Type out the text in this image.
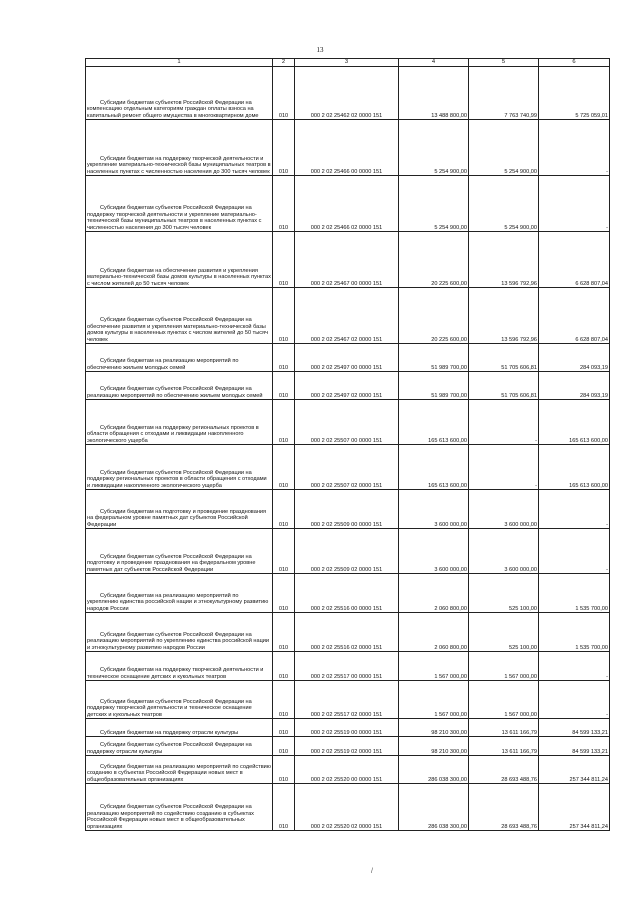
13
1	2	3	4	5	6
Субсидии бюджетам субъектов Российской Федерации на компенсацию отдельным категориям граждан оплаты взноса на капитальный ремонт общего имущества в многоквартирном доме	010	000 2 02 25462 02 0000 151	13 488 800,00	7 763 740,99	5 725 059,01
Субсидии бюджетам на поддержку творческой деятельности и укрепление материально-технической базы муниципальных театров в населенных пунктах с численностью населения до 300 тысяч человек	010	000 2 02 25466 00 0000 151	5 254 900,00	5 254 900,00	-
Субсидии бюджетам субъектов Российской Федерации на поддержку творческой деятельности и укрепление материально-технической базы муниципальных театров в населенных пунктах с численностью населения до 300 тысяч человек	010	000 2 02 25466 02 0000 151	5 254 900,00	5 254 900,00	-
Субсидии бюджетам на обеспечение развития и укрепления материально-технической базы домов культуры в населенных пунктах с числом жителей до 50 тысяч человек	010	000 2 02 25467 00 0000 151	20 225 600,00	13 596 792,96	6 628 807,04
Субсидии бюджетам субъектов Российской Федерации на обеспечение развития и укрепления материально-технической базы домов культуры в населенных пунктах с числом жителей до 50 тысяч человек	010	000 2 02 25467 02 0000 151	20 225 600,00	13 596 792,96	6 628 807,04
Субсидии бюджетам на реализацию мероприятий по обеспечению жильем молодых семей	010	000 2 02 25497 00 0000 151	51 989 700,00	51 705 606,81	284 093,19
Субсидии бюджетам субъектов Российской Федерации на реализацию мероприятий по обеспечению жильем молодых семей	010	000 2 02 25497 02 0000 151	51 989 700,00	51 705 606,81	284 093,19
Субсидии бюджетам на поддержку региональных проектов в области обращения с отходами и ликвидации накопленного экологического ущерба	010	000 2 02 25507 00 0000 151	165 613 600,00	-	165 613 600,00
Субсидии бюджетам субъектов Российской Федерации на поддержку региональных проектов в области обращения с отходами и ликвидации накопленного экологического ущерба	010	000 2 02 25507 02 0000 151	165 613 600,00	-	165 613 600,00
Субсидии бюджетам на подготовку и проведение празднования на федеральном уровне памятных дат субъектов Российской Федерации	010	000 2 02 25509 00 0000 151	3 600 000,00	3 600 000,00	-
Субсидии бюджетам субъектов Российской Федерации на подготовку и проведение празднования на федеральном уровне памятных дат субъектов Российской Федерации	010	000 2 02 25509 02 0000 151	3 600 000,00	3 600 000,00	-
Субсидии бюджетам на реализацию мероприятий по укреплению единства российской нации и этнокультурному развитию народов России	010	000 2 02 25516 00 0000 151	2 060 800,00	525 100,00	1 535 700,00
Субсидии бюджетам субъектов Российской Федерации на реализацию мероприятий по укреплению единства российской нации и этнокультурному развитию народов России	010	000 2 02 25516 02 0000 151	2 060 800,00	525 100,00	1 535 700,00
Субсидии бюджетам на поддержку творческой деятельности и техническое оснащение детских и кукольных театров	010	000 2 02 25517 00 0000 151	1 567 000,00	1 567 000,00	-
Субсидии бюджетам субъектов Российской Федерации на поддержку творческой деятельности и техническое оснащение детских и кукольных театров	010	000 2 02 25517 02 0000 151	1 567 000,00	1 567 000,00	-
Субсидия бюджетам на поддержку отрасли культуры	010	000 2 02 25519 00 0000 151	98 210 300,00	13 611 166,79	84 599 133,21
Субсидии бюджетам субъектов Российской Федерации на поддержку отрасли культуры	010	000 2 02 25519 02 0000 151	98 210 300,00	13 611 166,79	84 599 133,21
Субсидии бюджетам на реализацию мероприятий по содействию созданию в субъектах Российской Федерации новых мест в общеобразовательных организациях	010	000 2 02 25520 00 0000 151	286 038 300,00	28 693 488,76	257 344 811,24
Субсидии бюджетам субъектов Российской Федерации на реализацию мероприятий по содействию созданию в субъектах Российской Федерации новых мест в общеобразовательных организациях	010	000 2 02 25520 02 0000 151	286 038 300,00	28 693 488,76	257 344 811,24
/
